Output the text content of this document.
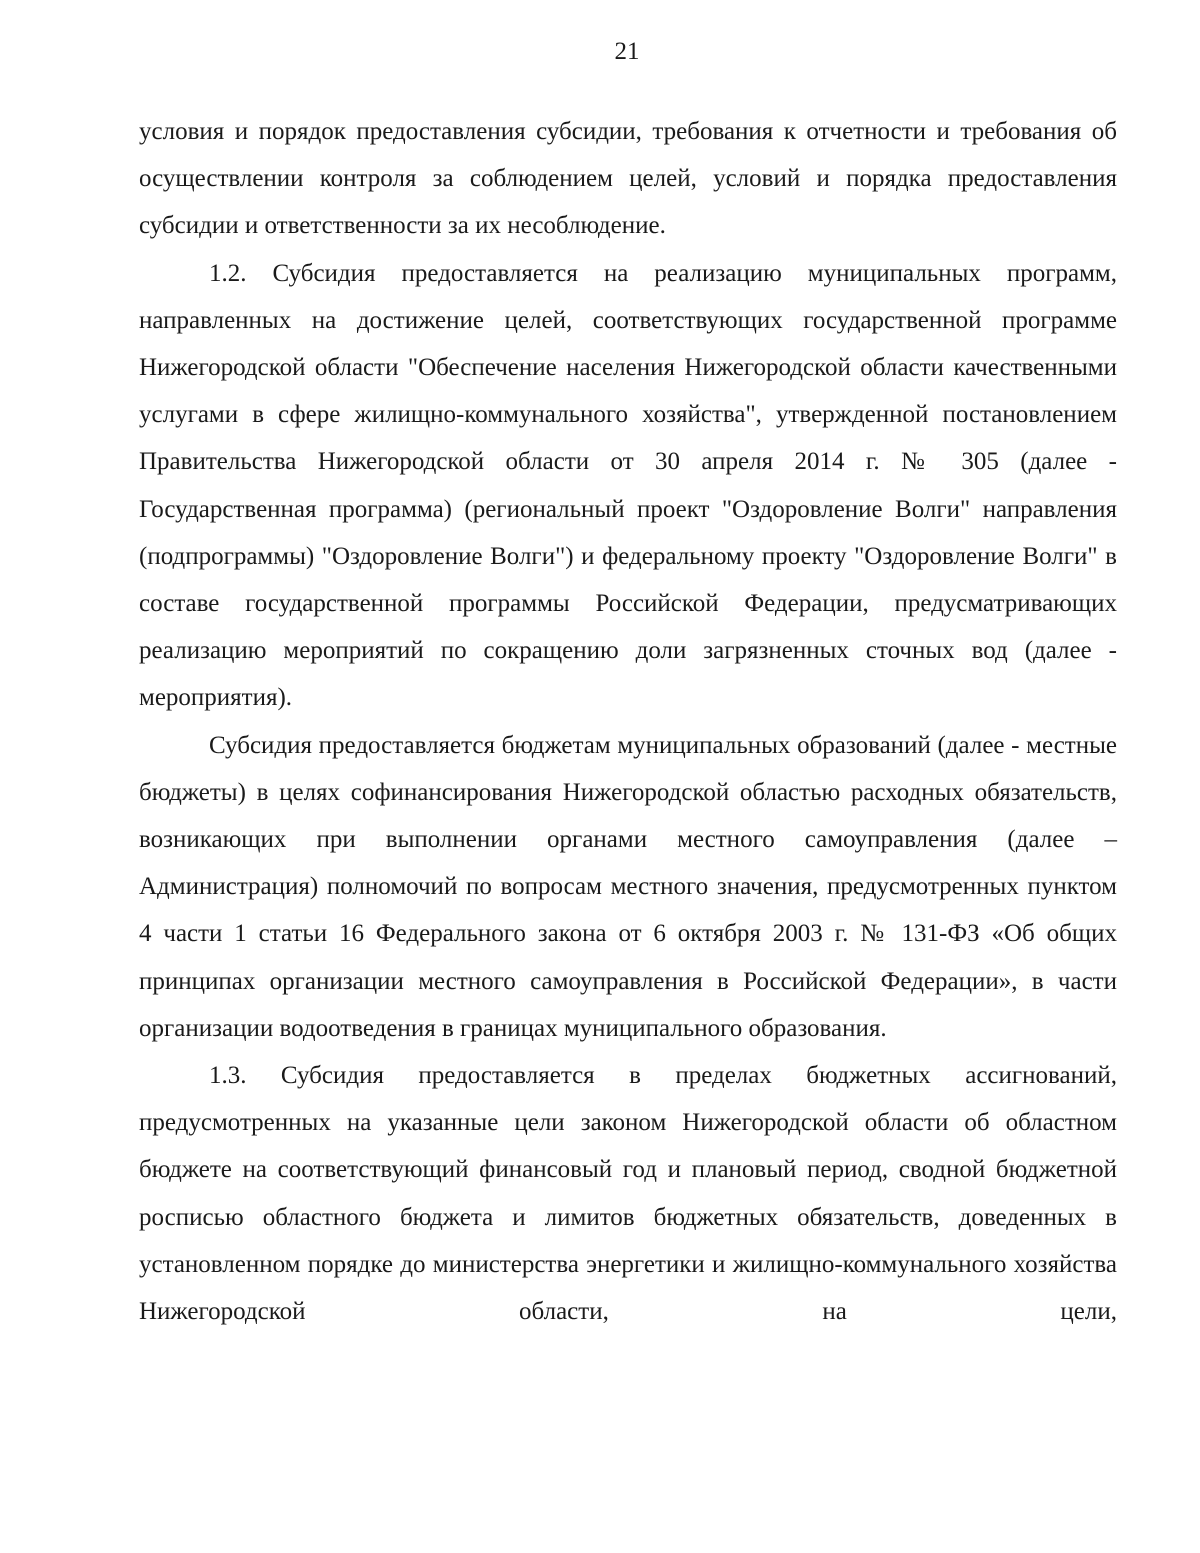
21

условия и порядок предоставления субсидии, требования к отчетности и требования об осуществлении контроля за соблюдением целей, условий и порядка предоставления субсидии и ответственности за их несоблюдение.

1.2. Субсидия предоставляется на реализацию муниципальных программ, направленных на достижение целей, соответствующих государственной программе Нижегородской области "Обеспечение населения Нижегородской области качественными услугами в сфере жилищно-коммунального хозяйства", утвержденной постановлением Правительства Нижегородской области от 30 апреля 2014 г. № 305 (далее - Государственная программа) (региональный проект "Оздоровление Волги" направления (подпрограммы) "Оздоровление Волги") и федеральному проекту "Оздоровление Волги" в составе государственной программы Российской Федерации, предусматривающих реализацию мероприятий по сокращению доли загрязненных сточных вод (далее - мероприятия).

Субсидия предоставляется бюджетам муниципальных образований (далее - местные бюджеты) в целях софинансирования Нижегородской областью расходных обязательств, возникающих при выполнении органами местного самоуправления (далее – Администрация) полномочий по вопросам местного значения, предусмотренных пунктом 4 части 1 статьи 16 Федерального закона от 6 октября 2003 г. № 131-ФЗ «Об общих принципах организации местного самоуправления в Российской Федерации», в части организации водоотведения в границах муниципального образования.

1.3. Субсидия предоставляется в пределах бюджетных ассигнований, предусмотренных на указанные цели законом Нижегородской области об областном бюджете на соответствующий финансовый год и плановый период, сводной бюджетной росписью областного бюджета и лимитов бюджетных обязательств, доведенных в установленном порядке до министерства энергетики и жилищно-коммунального хозяйства Нижегородской области, на цели,
